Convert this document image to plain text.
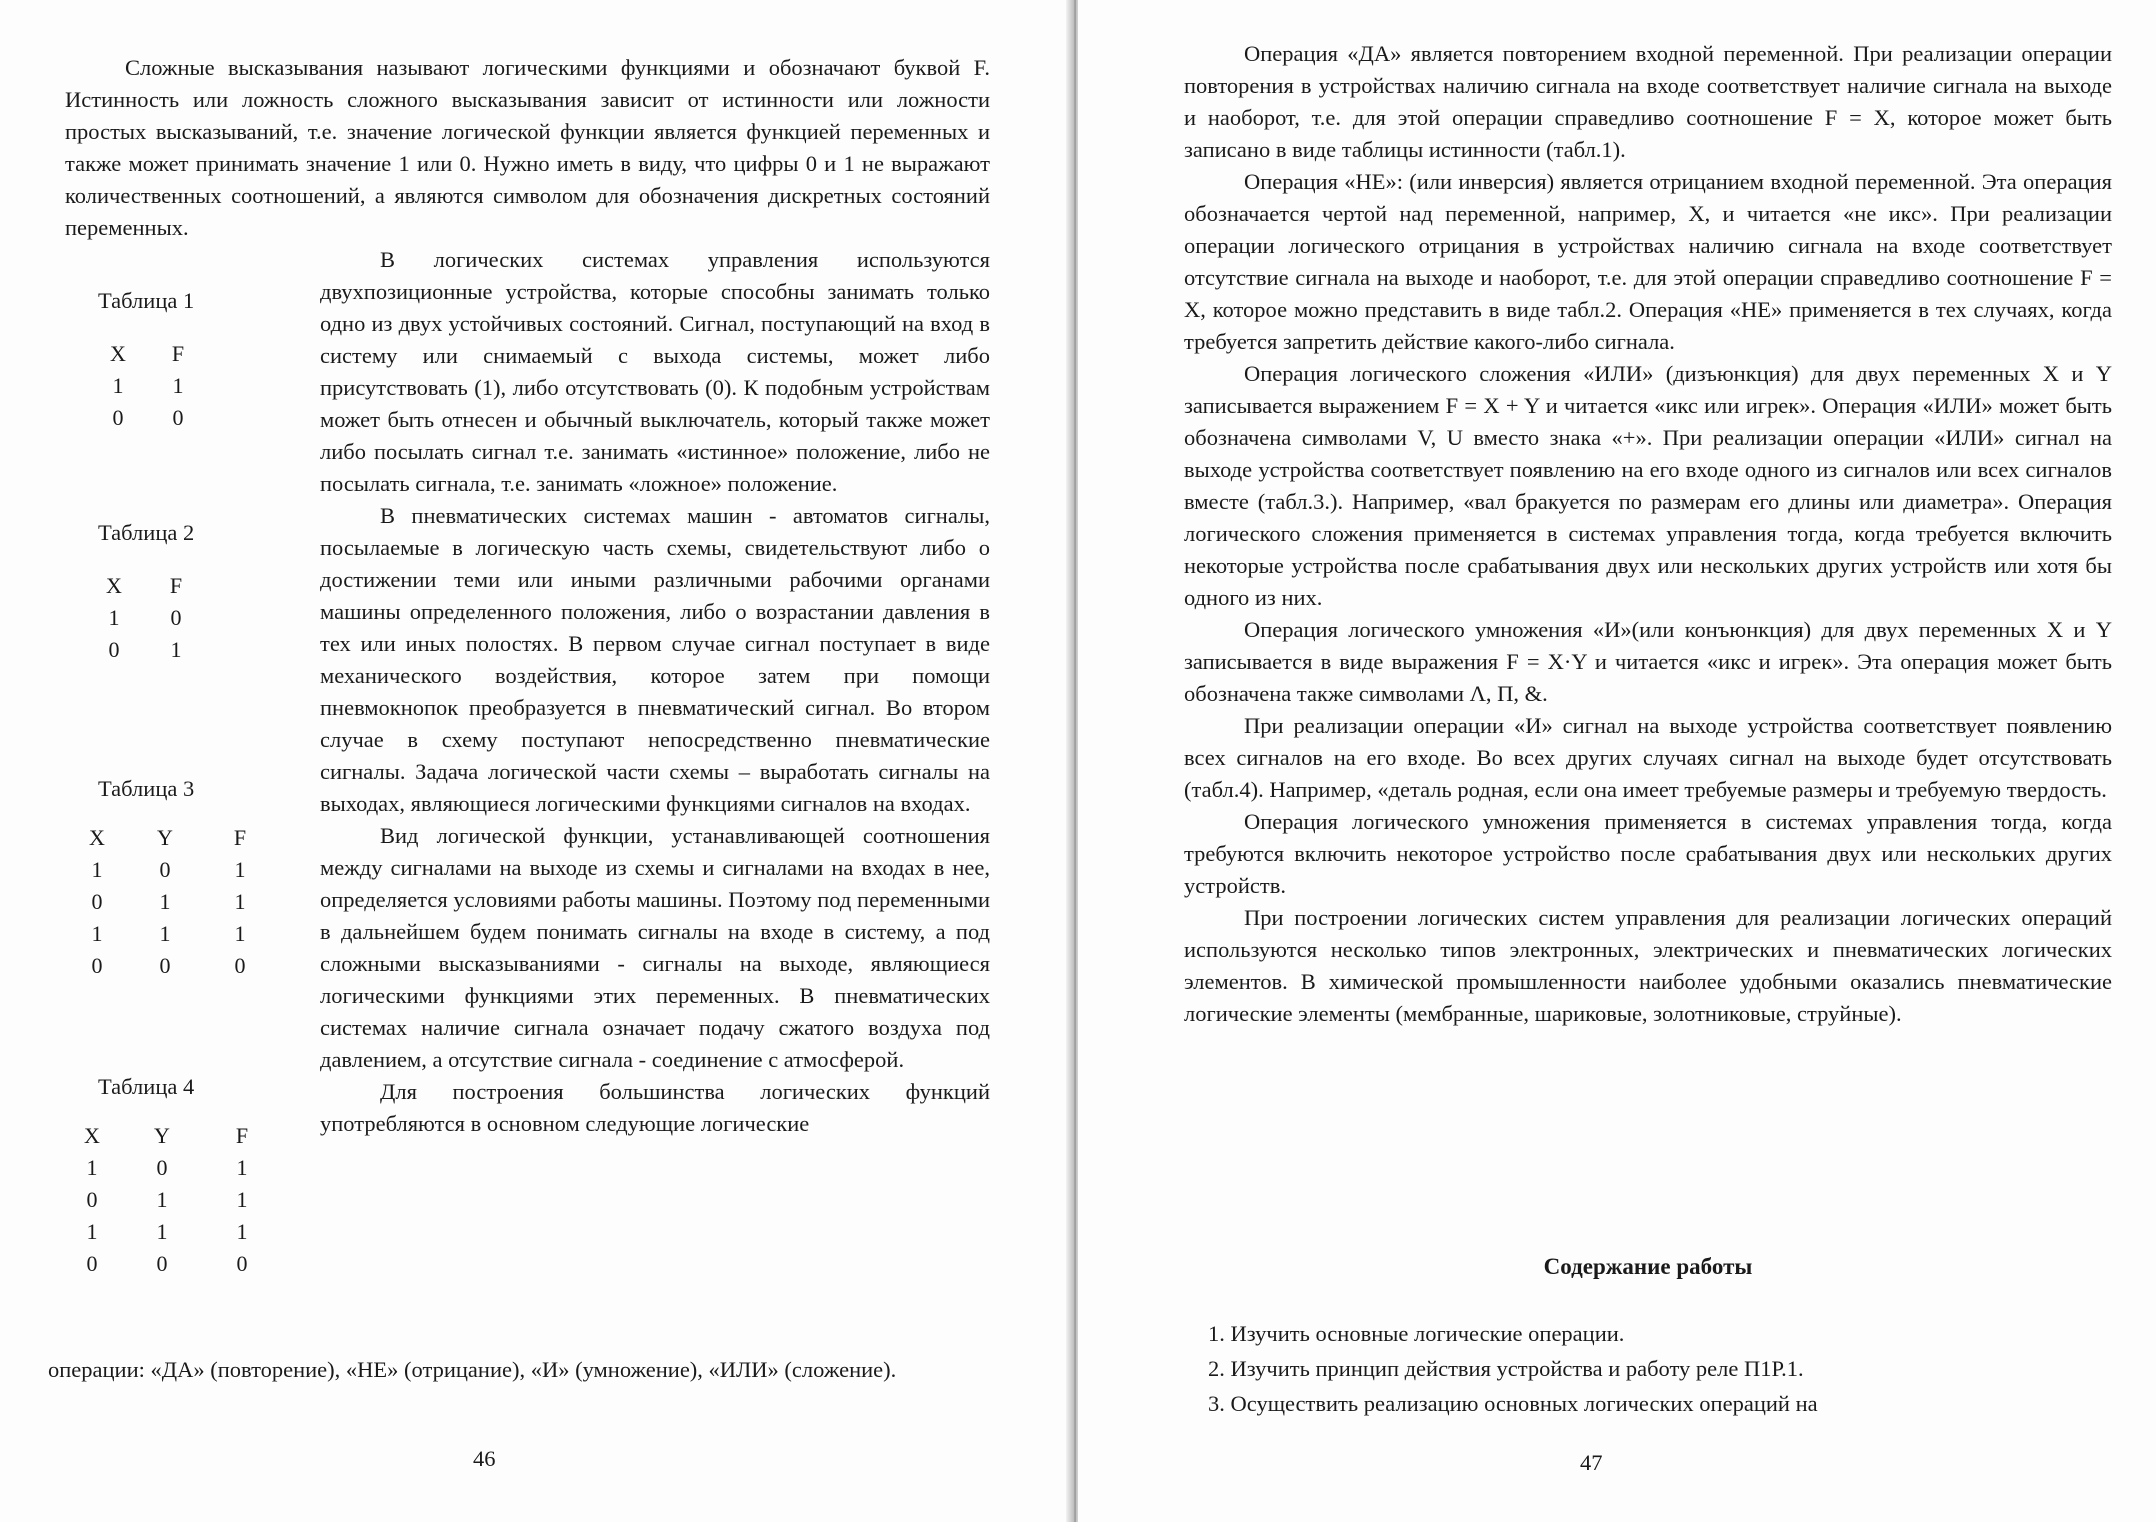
Сложные высказывания называют логическими функциями и обозначают буквой F. Истинность или ложность сложного высказывания зависит от истинности или ложности простых высказываний, т.е. значение логической функции является функцией переменных и также может принимать значение 1 или 0. Нужно иметь в виду, что цифры 0 и 1 не выражают количественных соотношений, а являются символом для обозначения дискретных состояний переменных.

Таблица 1
X	F
1	1
0	0
Таблица 2
X	F
1	0
0	1
Таблица 3
X	Y	F
1	0	1
0	1	1
1	1	1
0	0	0
Таблица 4
X	Y	F
1	0	1
0	1	1
1	1	1
0	0	0

В логических системах управления используются двухпозиционные устройства, которые способны занимать только одно из двух устойчивых состояний. Сигнал, поступающий на вход в систему или снимаемый с выхода системы, может либо присутствовать (1), либо отсутствовать (0). К подобным устройствам может быть отнесен и обычный выключатель, который также может либо посылать сигнал т.е. занимать «истинное» положение, либо не посылать сигнала, т.е. занимать «ложное» положение.

В пневматических системах машин - автоматов сигналы, посылаемые в логическую часть схемы, свидетельствуют либо о достижении теми или иными различными рабочими органами машины определенного положения, либо о возрастании давления в тех или иных полостях. В первом случае сигнал поступает в виде механического воздействия, которое затем при помощи пневмокнопок преобразуется в пневматический сигнал. Во втором случае в схему поступают непосредственно пневматические сигналы. Задача логической части схемы – выработать сигналы на выходах, являющиеся логическими функциями сигналов на входах.

Вид логической функции, устанавливающей соотношения между сигналами на выходе из схемы и сигналами на входах в нее, определяется условиями работы машины. Поэтому под переменными в дальнейшем будем понимать сигналы на входе в систему, а под сложными высказываниями - сигналы на выходе, являющиеся логическими функциями этих переменных. В пневматических системах наличие сигнала означает подачу сжатого воздуха под давлением, а отсутствие сигнала - соединение с атмосферой.

Для построения большинства логических функций употребляются в основном следующие логические

операции: «ДА» (повторение), «НЕ» (отрицание), «И» (умножение), «ИЛИ» (сложение).

46

Операция «ДА» является повторением входной переменной. При реализации операции повторения в устройствах наличию сигнала на входе соответствует наличие сигнала на выходе и наоборот, т.е. для этой операции справедливо соотношение F = X, которое может быть записано в виде таблицы истинности (табл.1).

Операция «НЕ»: (или инверсия) является отрицанием входной переменной. Эта операция обозначается чертой над переменной, например, X, и читается «не икс». При реализации операции логического отрицания в устройствах наличию сигнала на входе соответствует отсутствие сигнала на выходе и наоборот, т.е. для этой операции справедливо соотношение F = X, которое можно представить в виде табл.2. Операция «НЕ» применяется в тех случаях, когда требуется запретить действие какого-либо сигнала.

Операция логического сложения «ИЛИ» (дизъюнкция) для двух переменных X и Y записывается выражением F = X + Y и читается «икс или игрек». Операция «ИЛИ» может быть обозначена символами V, U вместо знака «+». При реализации операции «ИЛИ» сигнал на выходе устройства соответствует появлению на его входе одного из сигналов или всех сигналов вместе (табл.3.). Например, «вал бракуется по размерам его длины или диаметра». Операция логического сложения применяется в системах управления тогда, когда требуется включить некоторые устройства после срабатывания двух или нескольких других устройств или хотя бы одного из них.

Операция логического умножения «И»(или конъюнкция) для двух переменных X и Y записывается в виде выражения F = X·Y и читается «икс и игрек». Эта операция может быть обозначена также символами Λ, П, &.

При реализации операции «И» сигнал на выходе устройства соответствует появлению всех сигналов на его входе. Во всех других случаях сигнал на выходе будет отсутствовать (табл.4). Например, «деталь родная, если она имеет требуемые размеры и требуемую твердость.

Операция логического умножения применяется в системах управления тогда, когда требуются включить некоторое устройство после срабатывания двух или нескольких других устройств.

При построении логических систем управления для реализации логических операций используются несколько типов электронных, электрических и пневматических логических элементов. В химической промышленности наиболее удобными оказались пневматические логические элементы (мембранные, шариковые, золотниковые, струйные).

Содержание работы
1. Изучить основные логические операции.
2. Изучить принцип действия устройства и работу реле П1Р.1.
3. Осуществить реализацию основных логических операций на
47
